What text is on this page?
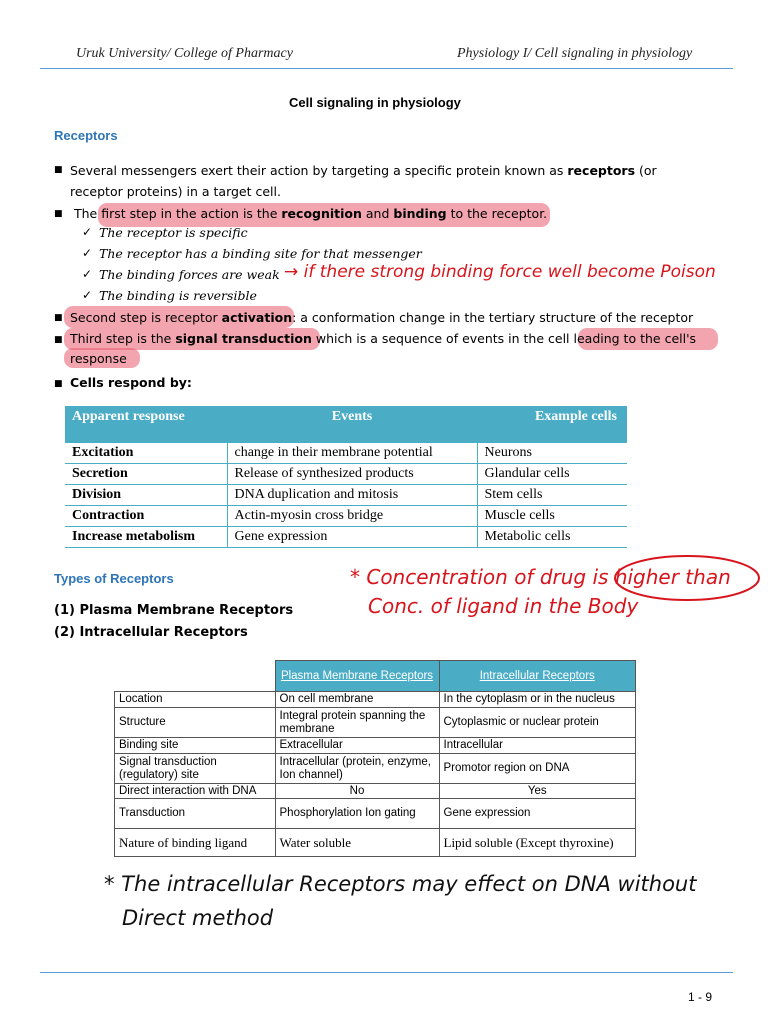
Uruk University/ College of Pharmacy	Physiology I/ Cell signaling in physiology
Cell signaling in physiology
Receptors
■ Several messengers exert their action by targeting a specific protein known as receptors (or
receptor proteins) in a target cell.
■ The first step in the action is the recognition and binding to the receptor.
✓ The receptor is specific
✓ The receptor has a binding site for that messenger
✓ The binding forces are weak
✓ The binding is reversible
■ Second step is receptor activation: a conformation change in the tertiary structure of the receptor
■ Third step is the signal transduction which is a sequence of events in the cell leading to the cell's
response
■ Cells respond by:
→ if there strong binding force well become Poison
Apparent response	Events	Example cells
Excitation	change in their membrane potential	Neurons
Secretion	Release of synthesized products	Glandular cells
Division	DNA duplication and mitosis	Stem cells
Contraction	Actin-myosin cross bridge	Muscle cells
Increase metabolism	Gene expression	Metabolic cells
Types of Receptors
(1) Plasma Membrane Receptors
(2) Intracellular Receptors
* Concentration of drug is higher than
Conc. of ligand in the Body
	Plasma Membrane Receptors	Intracellular Receptors
Location	On cell membrane	In the cytoplasm or in the nucleus
Structure	Integral protein spanning the membrane	Cytoplasmic or nuclear protein
Binding site	Extracellular	Intracellular
Signal transduction (regulatory) site	Intracellular (protein, enzyme, Ion channel)	Promotor region on DNA
Direct interaction with DNA	No	Yes
Transduction	Phosphorylation Ion gating	Gene expression
Nature of binding ligand	Water soluble	Lipid soluble (Except thyroxine)
* The intracellular Receptors may effect on DNA without
Direct method
1 - 9
